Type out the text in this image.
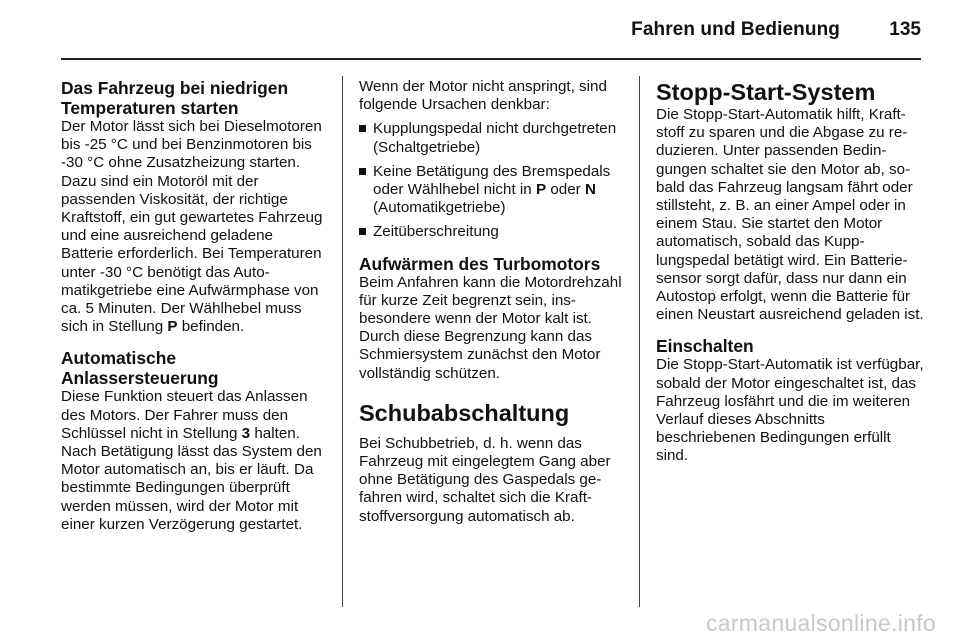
Fahren und Bedienung	135
Das Fahrzeug bei niedrigen
Temperaturen starten

Der Motor lässt sich bei Dieselmotoren bis -25 °C und bei Benzinmotoren bis -30 °C ohne Zusatzheizung starten. Dazu sind ein Motoröl mit der passenden Viskosität, der richtige Kraftstoff, ein gut gewartetes Fahrzeug und eine ausreichend geladene Batterie erforderlich. Bei Temperaturen unter -30 °C benötigt das Automatikgetriebe eine Aufwärmphase von ca. 5 Minuten. Der Wählhebel muss sich in Stellung P befinden.

Automatische
Anlassersteuerung

Diese Funktion steuert das Anlassen des Motors. Der Fahrer muss den Schlüssel nicht in Stellung 3 halten. Nach Betätigung lässt das System den Motor automatisch an, bis er läuft. Da bestimmte Bedingungen überprüft werden müssen, wird der Motor mit einer kurzen Verzögerung gestartet.

Wenn der Motor nicht anspringt, sind folgende Ursachen denkbar:

Kupplungspedal nicht durchgetreten (Schaltgetriebe)
Keine Betätigung des Bremspedals oder Wählhebel nicht in P oder N (Automatikgetriebe)
Zeitüberschreitung
Aufwärmen des Turbomotors

Beim Anfahren kann die Motordrehzahl für kurze Zeit begrenzt sein, insbesondere wenn der Motor kalt ist. Durch diese Begrenzung kann das Schmiersystem zunächst den Motor vollständig schützen.

Schubabschaltung

Bei Schubbetrieb, d. h. wenn das Fahrzeug mit eingelegtem Gang aber ohne Betätigung des Gaspedals gefahren wird, schaltet sich die Kraftstoffversorgung automatisch ab.

Stopp-Start-System

Die Stopp-Start-Automatik hilft, Kraftstoff zu sparen und die Abgase zu reduzieren. Unter passenden Bedingungen schaltet sie den Motor ab, sobald das Fahrzeug langsam fährt oder stillsteht, z. B. an einer Ampel oder in einem Stau. Sie startet den Motor automatisch, sobald das Kupplungspedal betätigt wird. Ein Batteriesensor sorgt dafür, dass nur dann ein Autostop erfolgt, wenn die Batterie für einen Neustart ausreichend geladen ist.

Einschalten

Die Stopp-Start-Automatik ist verfügbar, sobald der Motor eingeschaltet ist, das Fahrzeug losfährt und die im weiteren Verlauf dieses Abschnitts beschriebenen Bedingungen erfüllt sind.

carmanualsonline.info
